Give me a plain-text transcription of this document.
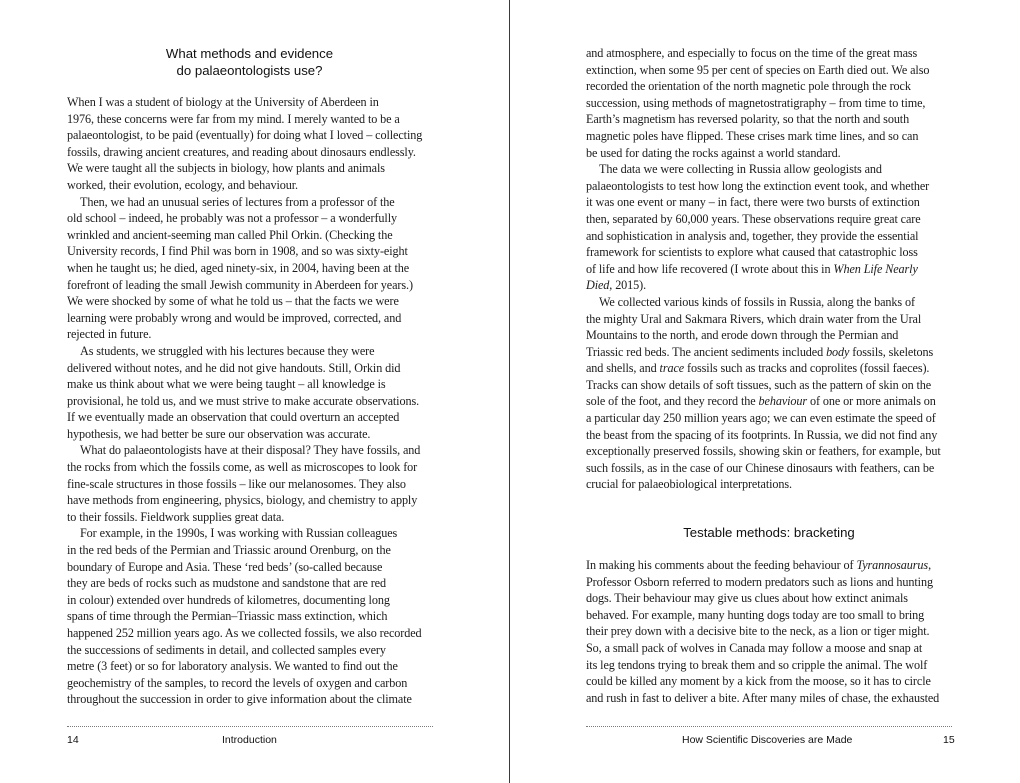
What methods and evidence
do palaeontologists use?
When I was a student of biology at the University of Aberdeen in
1976, these concerns were far from my mind. I merely wanted to be a
palaeontologist, to be paid (eventually) for doing what I loved – collecting
fossils, drawing ancient creatures, and reading about dinosaurs endlessly.
We were taught all the subjects in biology, how plants and animals
worked, their evolution, ecology, and behaviour.
Then, we had an unusual series of lectures from a professor of the
old school – indeed, he probably was not a professor – a wonderfully
wrinkled and ancient-seeming man called Phil Orkin. (Checking the
University records, I find Phil was born in 1908, and so was sixty-eight
when he taught us; he died, aged ninety-six, in 2004, having been at the
forefront of leading the small Jewish community in Aberdeen for years.)
We were shocked by some of what he told us – that the facts we were
learning were probably wrong and would be improved, corrected, and
rejected in future.
As students, we struggled with his lectures because they were
delivered without notes, and he did not give handouts. Still, Orkin did
make us think about what we were being taught – all knowledge is
provisional, he told us, and we must strive to make accurate observations.
If we eventually made an observation that could overturn an accepted
hypothesis, we had better be sure our observation was accurate.
What do palaeontologists have at their disposal? They have fossils, and
the rocks from which the fossils come, as well as microscopes to look for
fine-scale structures in those fossils – like our melanosomes. They also
have methods from engineering, physics, biology, and chemistry to apply
to their fossils. Fieldwork supplies great data.
For example, in the 1990s, I was working with Russian colleagues
in the red beds of the Permian and Triassic around Orenburg, on the
boundary of Europe and Asia. These ‘red beds’ (so-called because
they are beds of rocks such as mudstone and sandstone that are red
in colour) extended over hundreds of kilometres, documenting long
spans of time through the Permian–Triassic mass extinction, which
happened 252 million years ago. As we collected fossils, we also recorded
the successions of sediments in detail, and collected samples every
metre (3 feet) or so for laboratory analysis. We wanted to find out the
geochemistry of the samples, to record the levels of oxygen and carbon
throughout the succession in order to give information about the climate
14	Introduction
and atmosphere, and especially to focus on the time of the great mass
extinction, when some 95 per cent of species on Earth died out. We also
recorded the orientation of the north magnetic pole through the rock
succession, using methods of magnetostratigraphy – from time to time,
Earth’s magnetism has reversed polarity, so that the north and south
magnetic poles have flipped. These crises mark time lines, and so can
be used for dating the rocks against a world standard.
The data we were collecting in Russia allow geologists and
palaeontologists to test how long the extinction event took, and whether
it was one event or many – in fact, there were two bursts of extinction
then, separated by 60,000 years. These observations require great care
and sophistication in analysis and, together, they provide the essential
framework for scientists to explore what caused that catastrophic loss
of life and how life recovered (I wrote about this in When Life Nearly
Died, 2015).
We collected various kinds of fossils in Russia, along the banks of
the mighty Ural and Sakmara Rivers, which drain water from the Ural
Mountains to the north, and erode down through the Permian and
Triassic red beds. The ancient sediments included body fossils, skeletons
and shells, and trace fossils such as tracks and coprolites (fossil faeces).
Tracks can show details of soft tissues, such as the pattern of skin on the
sole of the foot, and they record the behaviour of one or more animals on
a particular day 250 million years ago; we can even estimate the speed of
the beast from the spacing of its footprints. In Russia, we did not find any
exceptionally preserved fossils, showing skin or feathers, for example, but
such fossils, as in the case of our Chinese dinosaurs with feathers, can be
crucial for palaeobiological interpretations.
Testable methods: bracketing
In making his comments about the feeding behaviour of Tyrannosaurus,
Professor Osborn referred to modern predators such as lions and hunting
dogs. Their behaviour may give us clues about how extinct animals
behaved. For example, many hunting dogs today are too small to bring
their prey down with a decisive bite to the neck, as a lion or tiger might.
So, a small pack of wolves in Canada may follow a moose and snap at
its leg tendons trying to break them and so cripple the animal. The wolf
could be killed any moment by a kick from the moose, so it has to circle
and rush in fast to deliver a bite. After many miles of chase, the exhausted
How Scientific Discoveries are Made	15
